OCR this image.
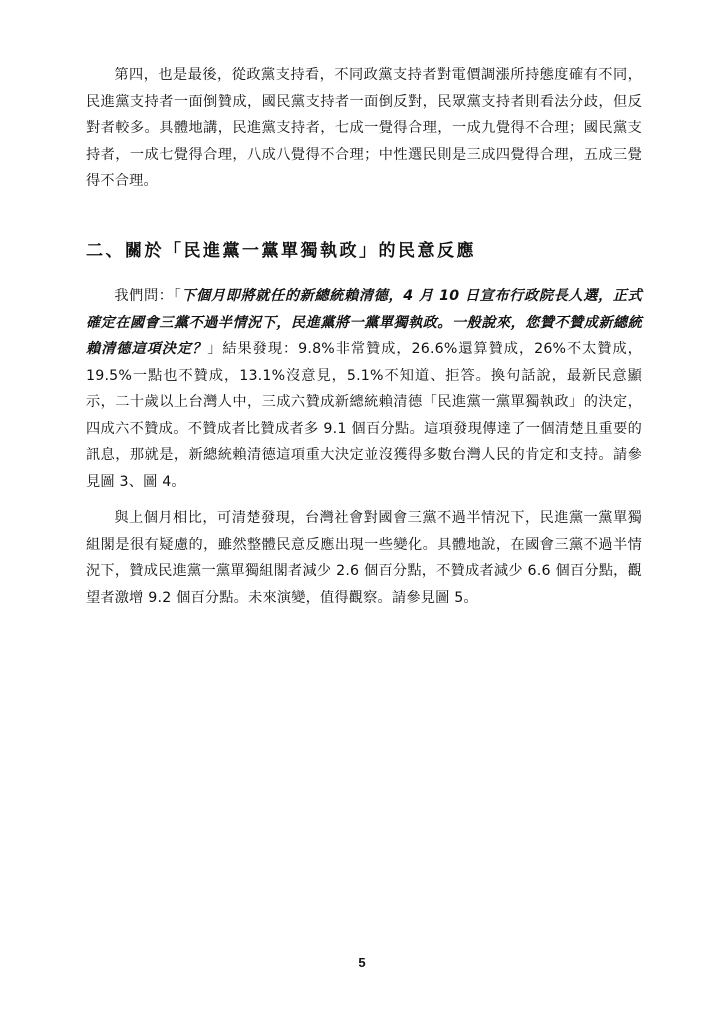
第四，也是最後，從政黨支持看，不同政黨支持者對電價調漲所持態度確有不同，民進黨支持者一面倒贊成，國民黨支持者一面倒反對，民眾黨支持者則看法分歧，但反對者較多。具體地講，民進黨支持者，七成一覺得合理，一成九覺得不合理；國民黨支持者，一成七覺得合理，八成八覺得不合理；中性選民則是三成四覺得合理，五成三覺得不合理。

二、關於「民進黨一黨單獨執政」的民意反應

我們問：「下個月即將就任的新總統賴清德，4 月 10 日宣布行政院長人選，正式確定在國會三黨不過半情況下，民進黨將一黨單獨執政。一般說來，您贊不贊成新總統賴清德這項決定？」結果發現：9.8%非常贊成，26.6%還算贊成，26%不太贊成，19.5%一點也不贊成，13.1%沒意見，5.1%不知道、拒答。換句話說，最新民意顯示，二十歲以上台灣人中，三成六贊成新總統賴清德「民進黨一黨單獨執政」的決定，四成六不贊成。不贊成者比贊成者多 9.1 個百分點。這項發現傳達了一個清楚且重要的訊息，那就是，新總統賴清德這項重大決定並沒獲得多數台灣人民的肯定和支持。請參見圖 3、圖 4。

與上個月相比，可清楚發現，台灣社會對國會三黨不過半情況下，民進黨一黨單獨組閣是很有疑慮的，雖然整體民意反應出現一些變化。具體地說，在國會三黨不過半情況下，贊成民進黨一黨單獨組閣者減少 2.6 個百分點，不贊成者減少 6.6 個百分點，觀望者激增 9.2 個百分點。未來演變，值得觀察。請參見圖 5。

5
